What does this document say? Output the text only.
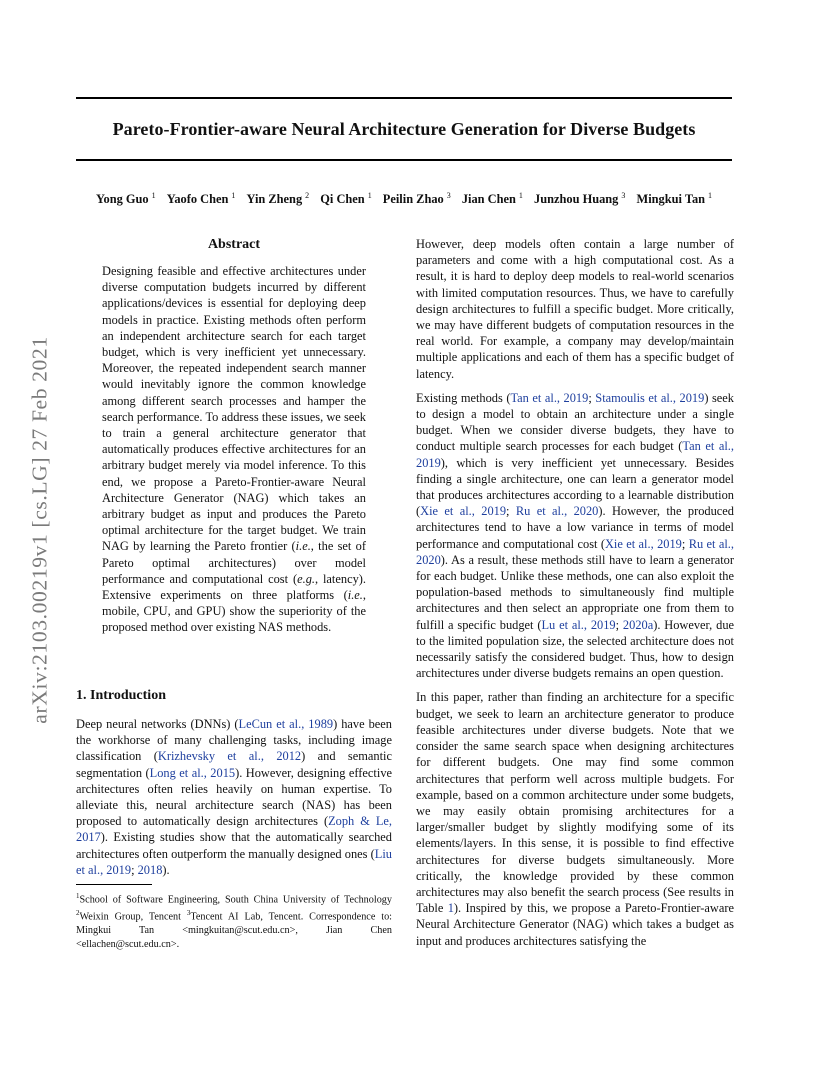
Pareto-Frontier-aware Neural Architecture Generation for Diverse Budgets
Yong Guo $^1$ Yaofo Chen $^1$ Yin Zheng $^2$ Qi Chen $^1$ Peilin Zhao $^3$ Jian Chen $^1$ Junzhou Huang $^3$ Mingkui Tan $^1$
arXiv:2103.00219v1 [cs.LG] 27 Feb 2021
Abstract

Designing feasible and effective architectures under diverse computation budgets incurred by different applications/devices is essential for deploying deep models in practice. Existing methods often perform an independent architecture search for each target budget, which is very inefficient yet unnecessary. Moreover, the repeated independent search manner would inevitably ignore the common knowledge among different search processes and hamper the search performance. To address these issues, we seek to train a general architecture generator that automatically produces effective architectures for an arbitrary budget merely via model inference. To this end, we propose a Pareto-Frontier-aware Neural Architecture Generator (NAG) which takes an arbitrary budget as input and produces the Pareto optimal architecture for the target budget. We train NAG by learning the Pareto frontier (i.e., the set of Pareto optimal architectures) over model performance and computational cost (e.g., latency). Extensive experiments on three platforms (i.e., mobile, CPU, and GPU) show the superiority of the proposed method over existing NAS methods.

1. Introduction

Deep neural networks (DNNs) (LeCun et al., 1989) have been the workhorse of many challenging tasks, including image classification (Krizhevsky et al., 2012) and semantic segmentation (Long et al., 2015). However, designing effective architectures often relies heavily on human expertise. To alleviate this, neural architecture search (NAS) has been proposed to automatically design architectures (Zoph & Le, 2017). Existing studies show that the automatically searched architectures often outperform the manually designed ones (Liu et al., 2019; 2018).

$^1$School of Software Engineering, South China University of Technology $^2$Weixin Group, Tencent $^3$Tencent AI Lab, Tencent. Correspondence to: Mingkui Tan <mingkuitan@scut.edu.cn>, Jian Chen <ellachen@scut.edu.cn>.

However, deep models often contain a large number of parameters and come with a high computational cost. As a result, it is hard to deploy deep models to real-world scenarios with limited computation resources. Thus, we have to carefully design architectures to fulfill a specific budget. More critically, we may have different budgets of computation resources in the real world. For example, a company may develop/maintain multiple applications and each of them has a specific budget of latency.

Existing methods (Tan et al., 2019; Stamoulis et al., 2019) seek to design a model to obtain an architecture under a single budget. When we consider diverse budgets, they have to conduct multiple search processes for each budget (Tan et al., 2019), which is very inefficient yet unnecessary. Besides finding a single architecture, one can learn a generator model that produces architectures according to a learnable distribution (Xie et al., 2019; Ru et al., 2020). However, the produced architectures tend to have a low variance in terms of model performance and computational cost (Xie et al., 2019; Ru et al., 2020). As a result, these methods still have to learn a generator for each budget. Unlike these methods, one can also exploit the population-based methods to simultaneously find multiple architectures and then select an appropriate one from them to fulfill a specific budget (Lu et al., 2019; 2020a). However, due to the limited population size, the selected architecture does not necessarily satisfy the considered budget. Thus, how to design architectures under diverse budgets remains an open question.

In this paper, rather than finding an architecture for a specific budget, we seek to learn an architecture generator to produce feasible architectures under diverse budgets. Note that we consider the same search space when designing architectures for different budgets. One may find some common architectures that perform well across multiple budgets. For example, based on a common architecture under some budgets, we may easily obtain promising architectures for a larger/smaller budget by slightly modifying some of its elements/layers. In this sense, it is possible to find effective architectures for diverse budgets simultaneously. More critically, the knowledge provided by these common architectures may also benefit the search process (See results in Table 1). Inspired by this, we propose a Pareto-Frontier-aware Neural Architecture Generator (NAG) which takes a budget as input and produces architectures satisfying the
